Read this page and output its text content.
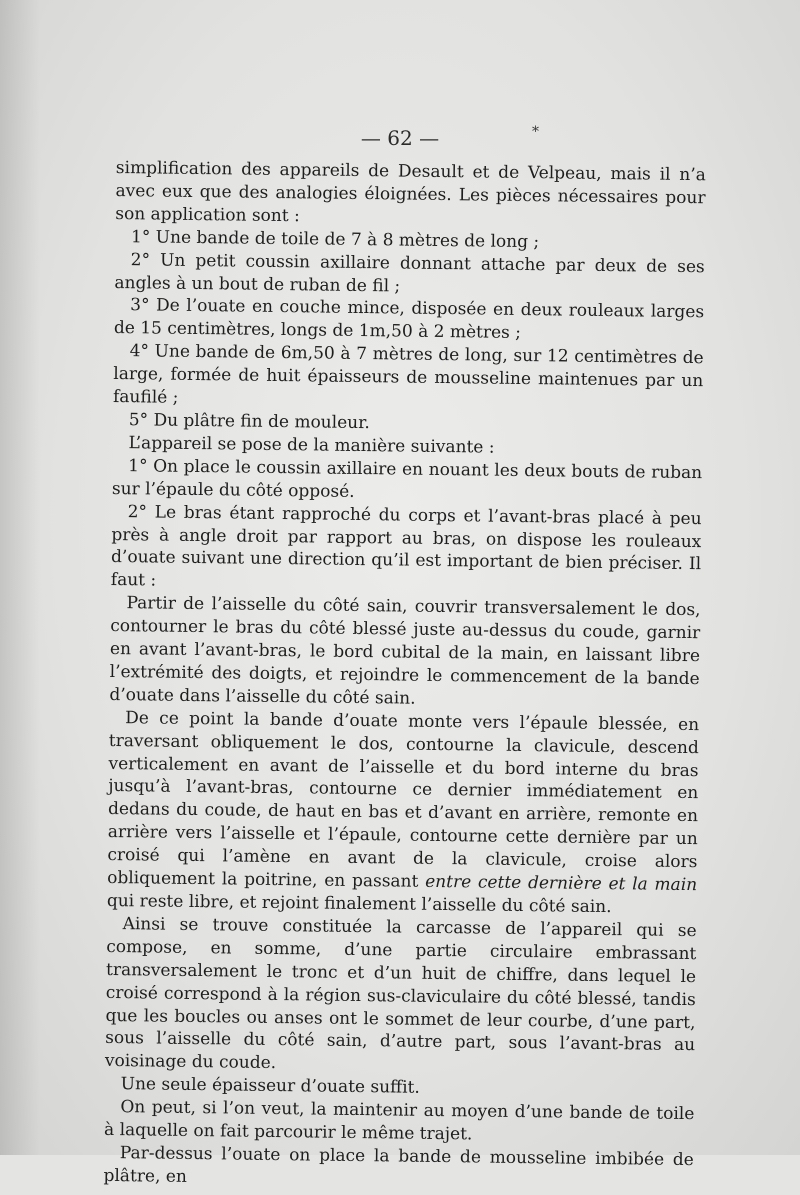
— 62 —	*

simplification des appareils de Desault et de Velpeau, mais il n’a avec eux que des analogies éloignées. Les pièces nécessaires pour son application sont :

1° Une bande de toile de 7 à 8 mètres de long ;

2° Un petit coussin axillaire donnant attache par deux de ses angles à un bout de ruban de fil ;

3° De l’ouate en couche mince, disposée en deux rouleaux larges de 15 centimètres, longs de 1m,50 à 2 mètres ;

4° Une bande de 6m,50 à 7 mètres de long, sur 12 centimètres de large, formée de huit épaisseurs de mousseline maintenues par un faufilé ;

5° Du plâtre fin de mouleur.

L’appareil se pose de la manière suivante :

1° On place le coussin axillaire en nouant les deux bouts de ruban sur l’épaule du côté opposé.

2° Le bras étant rapproché du corps et l’avant-bras placé à peu près à angle droit par rapport au bras, on dispose les rouleaux d’ouate suivant une direction qu’il est important de bien préciser. Il faut :

Partir de l’aisselle du côté sain, couvrir transversalement le dos, contourner le bras du côté blessé juste au-dessus du coude, garnir en avant l’avant-bras, le bord cubital de la main, en laissant libre l’extrémité des doigts, et rejoindre le commencement de la bande d’ouate dans l’aisselle du côté sain.

De ce point la bande d’ouate monte vers l’épaule blessée, en traversant obliquement le dos, contourne la clavicule, descend verticalement en avant de l’aisselle et du bord interne du bras jusqu’à l’avant-bras, contourne ce dernier immédiatement en dedans du coude, de haut en bas et d’avant en arrière, remonte en arrière vers l’aisselle et l’épaule, contourne cette dernière par un croisé qui l’amène en avant de la clavicule, croise alors obliquement la poitrine, en passant entre cette dernière et la main qui reste libre, et rejoint finalement l’aisselle du côté sain.

Ainsi se trouve constituée la carcasse de l’appareil qui se compose, en somme, d’une partie circulaire embrassant transversalement le tronc et d’un huit de chiffre, dans lequel le croisé correspond à la région sus-claviculaire du côté blessé, tandis que les boucles ou anses ont le sommet de leur courbe, d’une part, sous l’aisselle du côté sain, d’autre part, sous l’avant-bras au voisinage du coude.

Une seule épaisseur d’ouate suffit.

On peut, si l’on veut, la maintenir au moyen d’une bande de toile à laquelle on fait parcourir le même trajet.

Par-dessus l’ouate on place la bande de mousseline imbibée de plâtre, en
